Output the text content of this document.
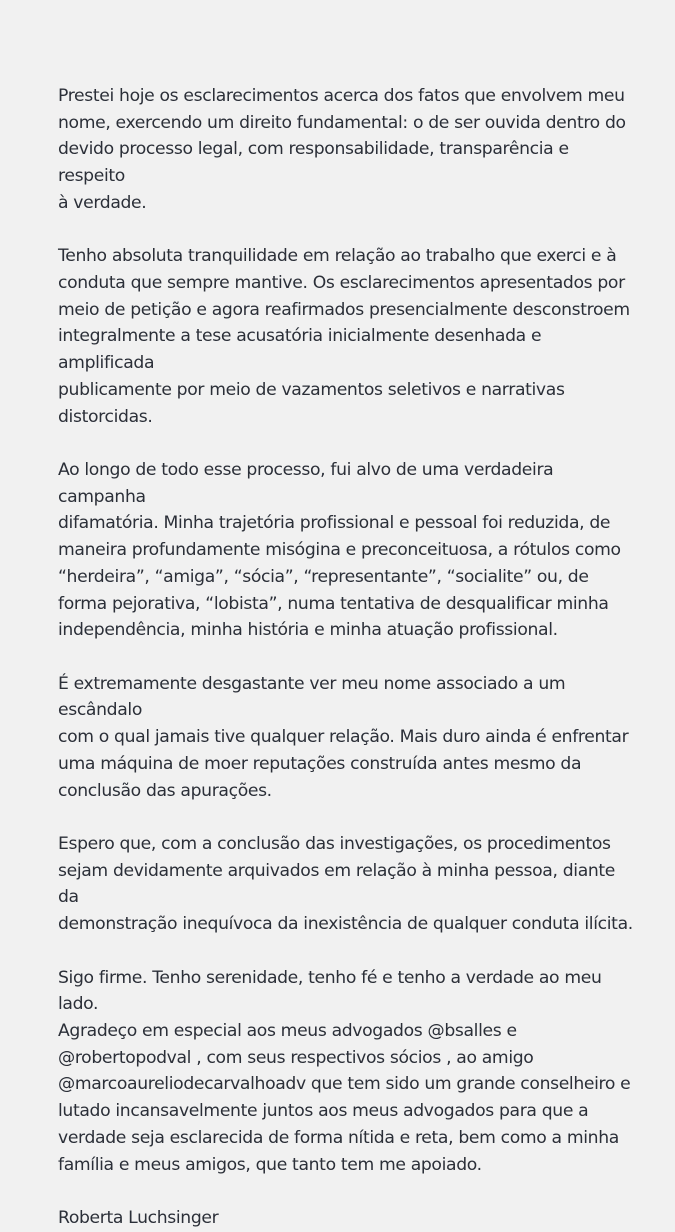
Prestei hoje os esclarecimentos acerca dos fatos que envolvem meu
nome, exercendo um direito fundamental: o de ser ouvida dentro do
devido processo legal, com responsabilidade, transparência e respeito
à verdade.

Tenho absoluta tranquilidade em relação ao trabalho que exerci e à
conduta que sempre mantive. Os esclarecimentos apresentados por
meio de petição e agora reafirmados presencialmente desconstroem
integralmente a tese acusatória inicialmente desenhada e amplificada
publicamente por meio de vazamentos seletivos e narrativas
distorcidas.

Ao longo de todo esse processo, fui alvo de uma verdadeira campanha
difamatória. Minha trajetória profissional e pessoal foi reduzida, de
maneira profundamente misógina e preconceituosa, a rótulos como
“herdeira”, “amiga”, “sócia”, “representante”, “socialite” ou, de
forma pejorativa, “lobista”, numa tentativa de desqualificar minha
independência, minha história e minha atuação profissional.

É extremamente desgastante ver meu nome associado a um escândalo
com o qual jamais tive qualquer relação. Mais duro ainda é enfrentar
uma máquina de moer reputações construída antes mesmo da
conclusão das apurações.

Espero que, com a conclusão das investigações, os procedimentos
sejam devidamente arquivados em relação à minha pessoa, diante da
demonstração inequívoca da inexistência de qualquer conduta ilícita.

Sigo firme. Tenho serenidade, tenho fé e tenho a verdade ao meu lado.
Agradeço em especial aos meus advogados @bsalles e
@robertopodval , com seus respectivos sócios , ao amigo
@marcoaureliodecarvalhoadv que tem sido um grande conselheiro e
lutado incansavelmente juntos aos meus advogados para que a
verdade seja esclarecida de forma nítida e reta, bem como a minha
família e meus amigos, que tanto tem me apoiado.

Roberta Luchsinger
